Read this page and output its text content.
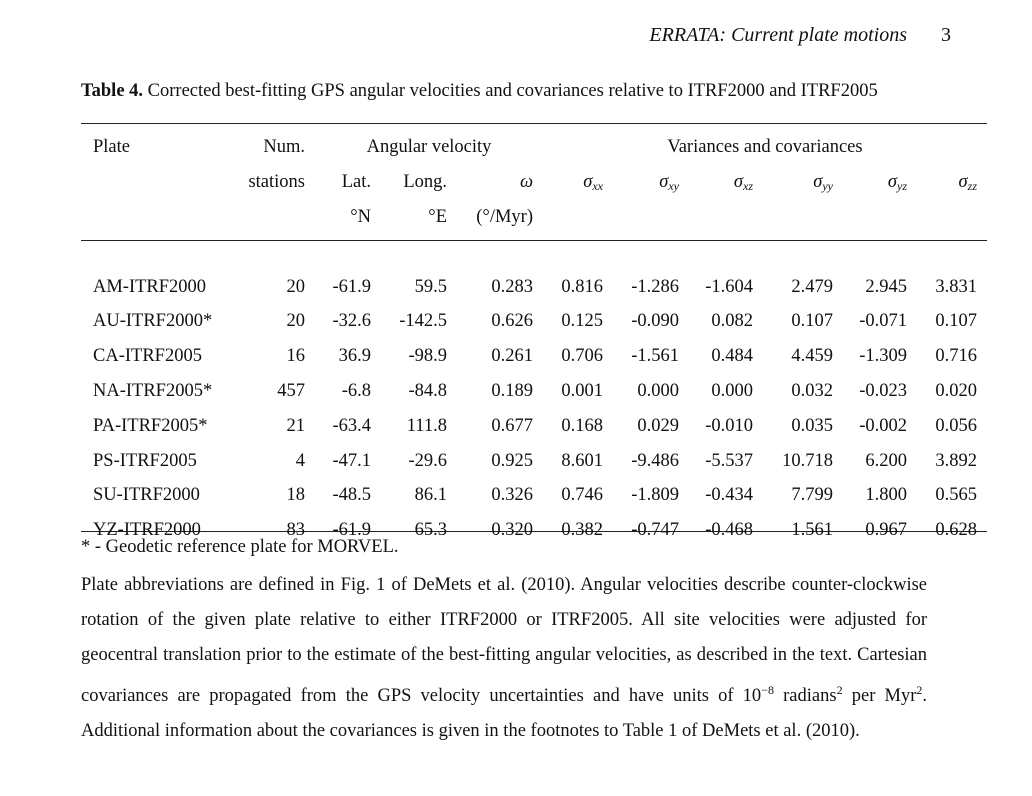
ERRATA: Current plate motions 3
Table 4. Corrected best-fitting GPS angular velocities and covariances relative to ITRF2000 and ITRF2005
Plate	Num.	Angular velocity			Variances and covariances					
	stations	Lat.	Long.	ω	$\sigma_{xx}$	$\sigma_{xy}$	$\sigma_{xz}$	$\sigma_{yy}$	$\sigma_{yz}$	$\sigma_{zz}$
		°N	°E	(°/Myr)						

AM-ITRF2000	20	-61.9	59.5	0.283	0.816	-1.286	-1.604	2.479	2.945	3.831
AU-ITRF2000*	20	-32.6	-142.5	0.626	0.125	-0.090	0.082	0.107	-0.071	0.107
CA-ITRF2005	16	36.9	-98.9	0.261	0.706	-1.561	0.484	4.459	-1.309	0.716
NA-ITRF2005*	457	-6.8	-84.8	0.189	0.001	0.000	0.000	0.032	-0.023	0.020
PA-ITRF2005*	21	-63.4	111.8	0.677	0.168	0.029	-0.010	0.035	-0.002	0.056
PS-ITRF2005	4	-47.1	-29.6	0.925	8.601	-9.486	-5.537	10.718	6.200	3.892
SU-ITRF2000	18	-48.5	86.1	0.326	0.746	-1.809	-0.434	7.799	1.800	0.565
YZ-ITRF2000	83	-61.9	65.3	0.320	0.382	-0.747	-0.468	1.561	0.967	0.628
* - Geodetic reference plate for MORVEL.
Plate abbreviations are defined in Fig. 1 of DeMets et al. (2010). Angular velocities describe counter-clockwise rotation of the given plate relative to either ITRF2000 or ITRF2005. All site velocities were adjusted for geocentral translation prior to the estimate of the best-fitting angular velocities, as described in the text. Cartesian covariances are propagated from the GPS velocity uncertainties and have units of $10^{-8}$ radians$^2$ per Myr$^2$. Additional information about the covariances is given in the footnotes to Table 1 of DeMets et al. (2010).
